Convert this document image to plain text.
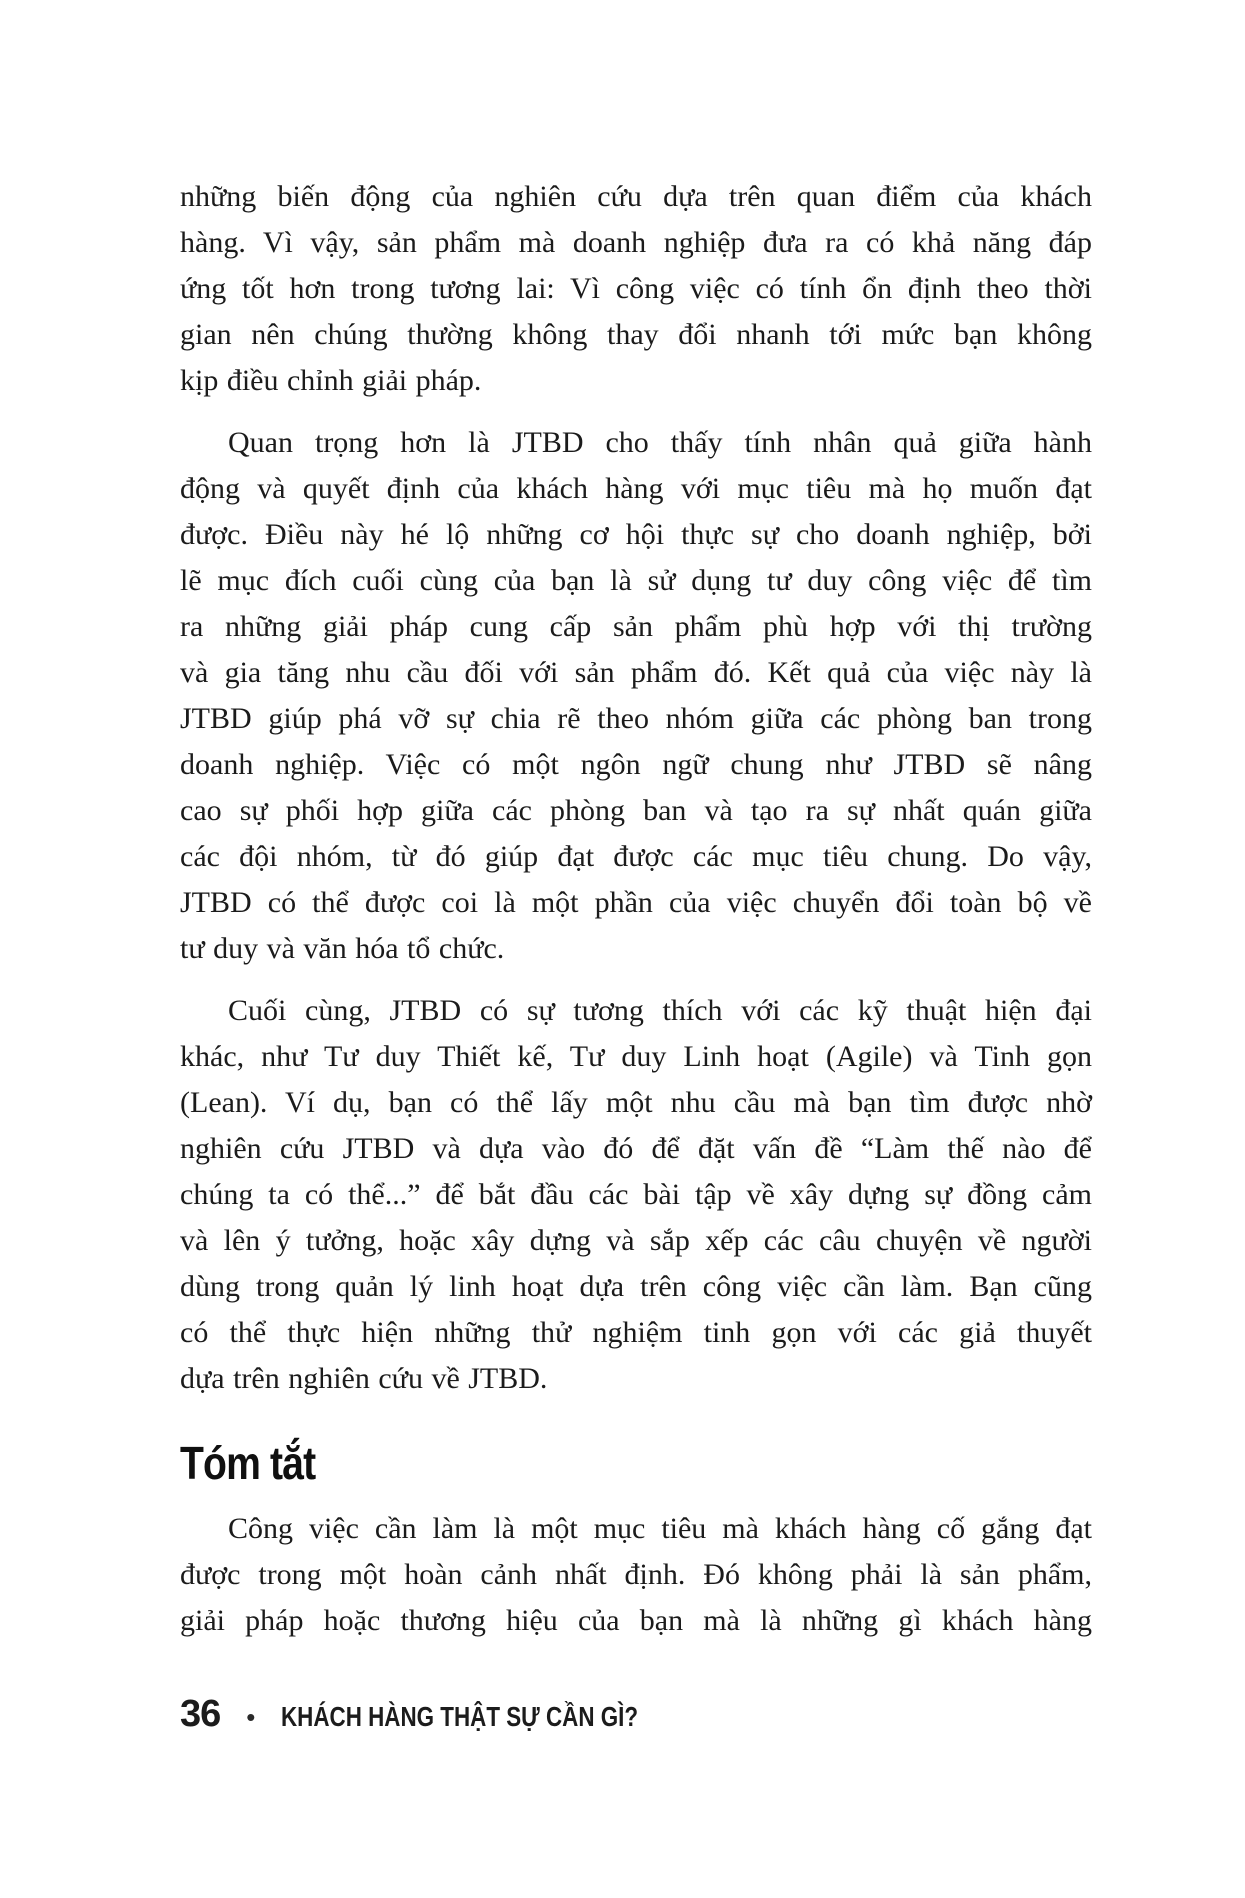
những biến động của nghiên cứu dựa trên quan điểm của khách
hàng. Vì vậy, sản phẩm mà doanh nghiệp đưa ra có khả năng đáp
ứng tốt hơn trong tương lai: Vì công việc có tính ổn định theo thời
gian nên chúng thường không thay đổi nhanh tới mức bạn không
kịp điều chỉnh giải pháp.
Quan trọng hơn là JTBD cho thấy tính nhân quả giữa hành
động và quyết định của khách hàng với mục tiêu mà họ muốn đạt
được. Điều này hé lộ những cơ hội thực sự cho doanh nghiệp, bởi
lẽ mục đích cuối cùng của bạn là sử dụng tư duy công việc để tìm
ra những giải pháp cung cấp sản phẩm phù hợp với thị trường
và gia tăng nhu cầu đối với sản phẩm đó. Kết quả của việc này là
JTBD giúp phá vỡ sự chia rẽ theo nhóm giữa các phòng ban trong
doanh nghiệp. Việc có một ngôn ngữ chung như JTBD sẽ nâng
cao sự phối hợp giữa các phòng ban và tạo ra sự nhất quán giữa
các đội nhóm, từ đó giúp đạt được các mục tiêu chung. Do vậy,
JTBD có thể được coi là một phần của việc chuyển đổi toàn bộ về
tư duy và văn hóa tổ chức.
Cuối cùng, JTBD có sự tương thích với các kỹ thuật hiện đại
khác, như Tư duy Thiết kế, Tư duy Linh hoạt (Agile) và Tinh gọn
(Lean). Ví dụ, bạn có thể lấy một nhu cầu mà bạn tìm được nhờ
nghiên cứu JTBD và dựa vào đó để đặt vấn đề “Làm thế nào để
chúng ta có thể...” để bắt đầu các bài tập về xây dựng sự đồng cảm
và lên ý tưởng, hoặc xây dựng và sắp xếp các câu chuyện về người
dùng trong quản lý linh hoạt dựa trên công việc cần làm. Bạn cũng
có thể thực hiện những thử nghiệm tinh gọn với các giả thuyết
dựa trên nghiên cứu về JTBD.
Tóm tắt
Công việc cần làm là một mục tiêu mà khách hàng cố gắng đạt
được trong một hoàn cảnh nhất định. Đó không phải là sản phẩm,
giải pháp hoặc thương hiệu của bạn mà là những gì khách hàng
36 • KHÁCH HÀNG THẬT SỰ CẦN GÌ?
